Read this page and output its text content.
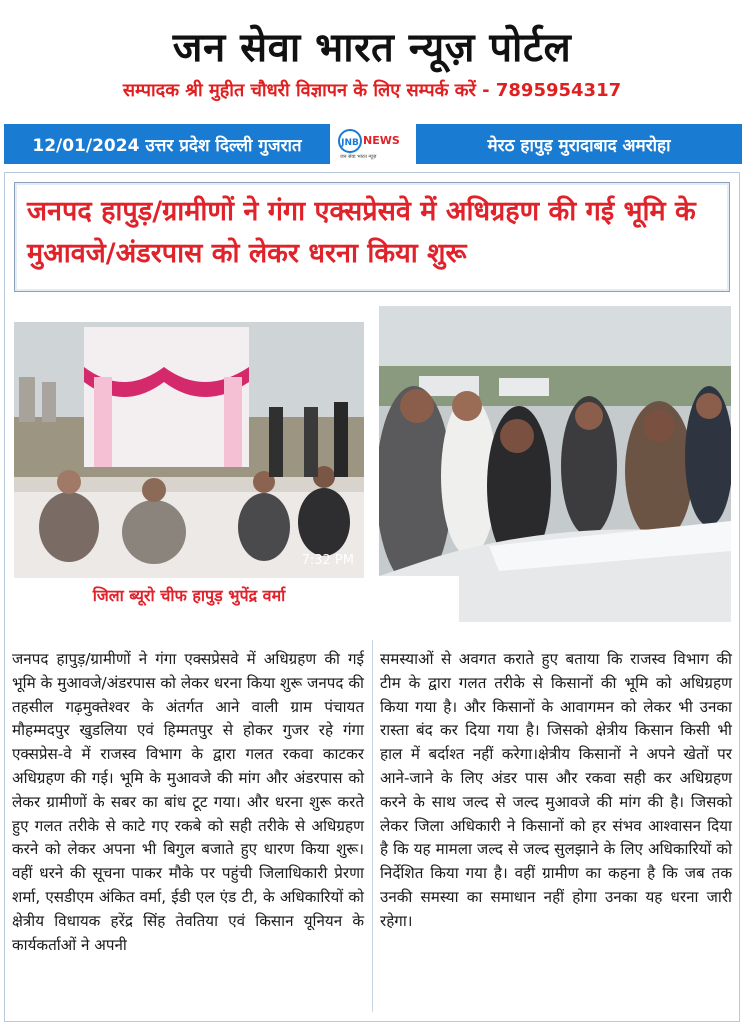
जन सेवा भारत न्यूज़ पोर्टल
सम्पादक श्री मुहीत चौधरी विज्ञापन के लिए सम्पर्क करें - 7895954317
12/01/2024 उत्तर प्रदेश दिल्ली गुजरात	JNB NEWS
जन सेवा भारत न्यूज़
मेरठ हापुड़ मुरादाबाद अमरोहा
जनपद हापुड़/ग्रामीणों ने गंगा एक्सप्रेसवे में अधिग्रहण की गई भूमि के मुआवजे/अंडरपास को लेकर धरना किया शुरू
7:32 PM
जिला ब्यूरो चीफ हापुड़ भुपेंद्र वर्मा
जनपद हापुड़/ग्रामीणों ने गंगा एक्सप्रेसवे में अधिग्रहण की गई भूमि के मुआवजे/अंडरपास को लेकर धरना किया शुरू जनपद की तहसील गढ़मुक्तेश्वर के अंतर्गत आने वाली ग्राम पंचायत मौहम्मदपुर खुडलिया एवं हिम्मतपुर से होकर गुजर रहे गंगा एक्सप्रेस-वे में राजस्व विभाग के द्वारा गलत रकवा काटकर अधिग्रहण की गई। भूमि के मुआवजे की मांग और अंडरपास को लेकर ग्रामीणों के सबर का बांध टूट गया। और धरना शुरू करते हुए गलत तरीके से काटे गए रकबे को सही तरीके से अधिग्रहण करने को लेकर अपना भी बिगुल बजाते हुए धारण किया शुरू। वहीं धरने की सूचना पाकर मौके पर पहुंची जिलाधिकारी प्रेरणा शर्मा, एसडीएम अंकित वर्मा, ईडी एल एंड टी, के अधिकारियों को क्षेत्रीय विधायक हरेंद्र सिंह तेवतिया एवं किसान यूनियन के कार्यकर्ताओं ने अपनी
समस्याओं से अवगत कराते हुए बताया कि राजस्व विभाग की टीम के द्वारा गलत तरीके से किसानों की भूमि को अधिग्रहण किया गया है। और किसानों के आवागमन को लेकर भी उनका रास्ता बंद कर दिया गया है। जिसको क्षेत्रीय किसान किसी भी हाल में बर्दाश्त नहीं करेगा।क्षेत्रीय किसानों ने अपने खेतों पर आने-जाने के लिए अंडर पास और रकवा सही कर अधिग्रहण करने के साथ जल्द से जल्द मुआवजे की मांग की है। जिसको लेकर जिला अधिकारी ने किसानों को हर संभव आश्वासन दिया है कि यह मामला जल्द से जल्द सुलझाने के लिए अधिकारियों को निर्देशित किया गया है। वहीं ग्रामीण का कहना है कि जब तक उनकी समस्या का समाधान नहीं होगा उनका यह धरना जारी रहेगा।
